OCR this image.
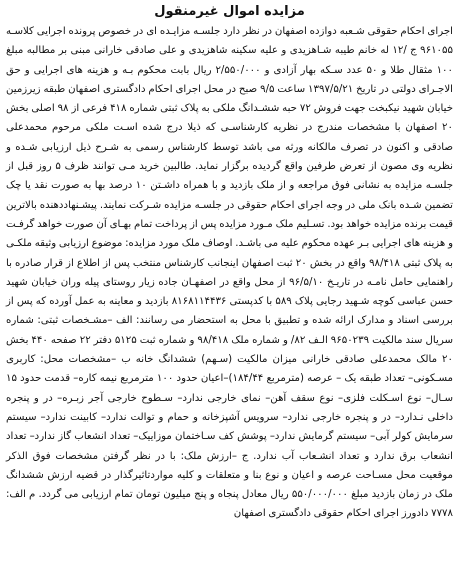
مزایده اموال غیرمنقول

اجرای احکام حقوقی شـعبه دوازده اصفهان در نظر دارد جلسـه مزایـده ای در خصوص پرونده اجرایی کلاسـه ۹۶۱۰۵۵ ج /۱۲ له خانم طیبه شـاهزیدی و علیه سکینه شاهزیدی و علی صادقی خارانی مبنی بر مطالبه مبلغ ۱۰۰ مثقال طلا و ۵۰ عدد سـکه بهار آزادی و ۲/۵۵۰/۰۰۰ ریال بابت محکوم بـه و هزینه های اجرایی و حق الاجـرای دولتی در تاریخ ۱۳۹۷/۵/۲۱ ساعت ۹/۵ صبح در محل اجرای احکام دادگستری اصفهان طبقه زیرزمین خیابان شهید نیکبخت جهت فروش ۷۲ حبه ششـدانگ ملکی به پلاک ثبتی شماره ۴۱۸ فرعی از ۹۸ اصلی بخش ۲۰ اصفهان با مشخصات مندرج در نظریه کارشناسـی که ذیلا درج شده اسـت ملکی مرحوم محمدعلی صادقی و اکنون در تصرف مالکانه ورثه می باشد توسط کارشناس رسمی به شـرح ذیل ارزیابی شـده و نظریه وی مصون از تعرض طرفین واقع گردیده برگزار نماید. طالبین خرید مـی توانند ظرف ۵ روز قبل از جلسـه مزایده به نشانی فوق مراجعه و از ملک بازدید و با همراه داشـتن ۱۰ درصد بها به صورت نقد یا چک تضمین شـده بانک ملی در وجه اجرای احکام حقوقی در جلسـه مزایده شـرکت نمایند. پیشـنهاددهنده بالاترین قیمت برنده مزایده خواهد بود. تسـلیم ملک مـورد مزایده پس از پرداخت تمام بهـای آن صورت خواهد گرفـت و هزینه های اجرایی بـر عهده محکوم علیه می باشـد. اوصاف ملک مورد مزایده: موضوع ارزیابی وثیقه ملکـی به پلاک ثبتی ۹۸/۴۱۸ واقع در بخش ۲۰ ثبت اصفهان اینجانب کارشناس منتخب پس از اطلاع از قرار صادره با راهنمایی حامل نامـه در تاریـخ ۹۶/۵/۱۰ از محل واقع در اصفهـان جاده زیار روستای پیله وران خیابان شهید حسن عباسی کوچه شـهید رجایی پلاک ۵۸۹ با کدپستی ۸۱۶۸۱۱۴۴۳۶ بازدید و معاینه به عمل آورده که پس از بررسی اسناد و مدارک ارائه شده و تطبیق با محل به استحضار می رسانند: الف –مشـخصات ثبتی: شماره سریال سند مالکیت ۹۶۵۰۲۳۹ الـف ۸۲/ و شماره ملک ۹۸/۴۱۸ و شماره ثبت ۵۱۲۵ دفتر ۲۲ صفحه ۴۴۰ بخش ۲۰ مالک محمدعلی صادقی خارانی میزان مالکیت (سـهم) ششدانگ خانه ب –مشخصات محل: کاربری مسـکونی– تعداد طبقه یک – عرصه (مترمربع ۱۸۴/۴۴)–اعیان حدود ۱۰۰ مترمربع نیمه کاره– قدمت حدود ۱۵ سـال– نوع اسـکلت فلزی– نوع سقف آهن– نمای خارجی ندارد– سـطوح خارجی آجر زبـره– در و پنجره داخلی نـدارد– در و پنجره خارجی ندارد– سرویس آشپزخانه و حمام و توالت ندارد– کابینت ندارد– سیستم سرمایش کولر آبی– سیستم گرمایش ندارد– پوشش کف سـاختمان موزاییک– تعداد انشعاب گاز ندارد– تعداد انشعاب برق ندارد و تعداد انشـعاب آب ندارد. ج –ارزش ملک: با در نظر گرفتن مشخصات فوق الذکر موقعیت محل مسـاحت عرصه و اعیان و نوع بنا و متعلقات و کلیه مواردتاثیرگذار در قضیه ارزش ششدانگ ملک در زمان بازدید مبلغ ۵۵۰/۰۰۰/۰۰۰ ریال معادل پنجاه و پنج میلیون تومان تمام ارزیابی می گردد. م الف: ۷۷۷۸ دادورز اجرای احکام حقوقی دادگستری اصفهان
